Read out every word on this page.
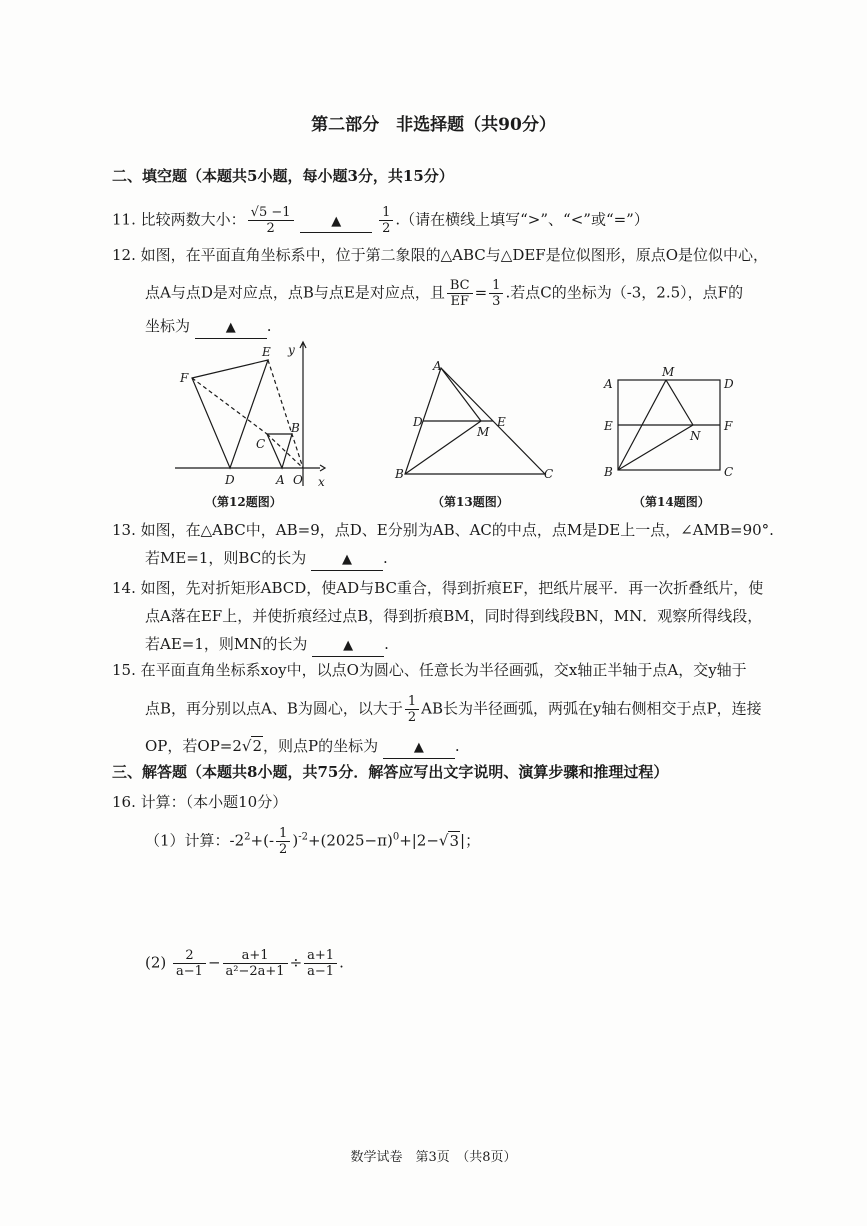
第二部分　非选择题（共90分）
二、填空题（本题共5小题，每小题3分，共15分）
11. 比较两数大小： $\frac{√5 -1}{2}$	▲	$\frac{1}{2}$ .（请在横线上填写“>”、“<”或“=”）
12. 如图，在平面直角坐标系中，位于第二象限的△ABC与△DEF是位似图形，原点O是位似中心，
点A与点D是对应点，点B与点E是对应点，且 $\frac{BC}{EF} = \frac{1}{3}$ .若点C的坐标为（-3，2.5），点F的
坐标为	▲ .
E
F
y
C
B
D	A O x
（第12题图）
A
D	E
M
B	C
（第13题图）
A
M
D
E	F
N
B	C
（第14题图）
13. 如图，在△ABC中，AB=9，点D、E分别为AB、AC的中点，点M是DE上一点，∠AMB=90°.
若ME=1，则BC的长为	▲ .
14. 如图，先对折矩形ABCD，使AD与BC重合，得到折痕EF，把纸片展平．再一次折叠纸片，使
点A落在EF上，并使折痕经过点B，得到折痕BM，同时得到线段BN，MN．观察所得线段，
若AE=1，则MN的长为	▲ .
15. 在平面直角坐标系xoy中，以点O为圆心、任意长为半径画弧，交x轴正半轴于点A，交y轴于
点B，再分别以点A、B为圆心，以大于 $\frac{1}{2}$ AB长为半径画弧，两弧在y轴右侧相交于点P，连接
OP，若OP=2√2，则点P的坐标为	▲ .
三、解答题（本题共8小题，共75分．解答应写出文字说明、演算步骤和推理过程）
16. 计算：（本小题10分）
（1）计算：$-2^2+(- \frac{1}{2} )^{-2}+(2025-\pi)^0+|2-√3|$；
$(2) \frac{2}{a-1} - \frac{a+1}{\text{a²−2a+1}} \div \frac{a+1}{a-1}$ .
数学试卷　第3页　（共8页）
